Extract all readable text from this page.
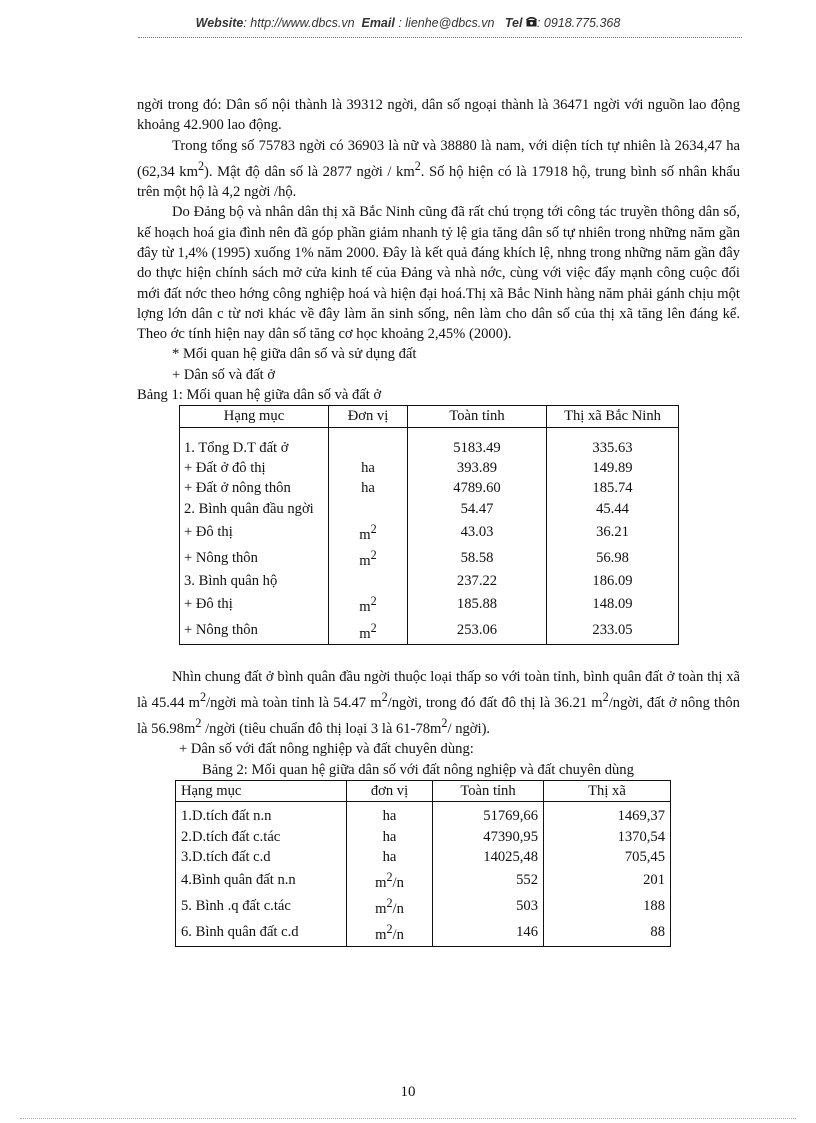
Website: http://www.dbcs.vn Email : lienhe@dbcs.vn Tel : 0918.775.368

ngời trong đó: Dân số nội thành là 39312 ngời, dân số ngoại thành là 36471 ngời với nguồn lao động khoảng 42.900 lao động.

Trong tổng số 75783 ngời có 36903 là nữ và 38880 là nam, với diện tích tự nhiên là 2634,47 ha (62,34 $km^2$). Mật độ dân số là 2877 ngời / $km^2$. Số hộ hiện có là 17918 hộ, trung bình số nhân khẩu trên một hộ là 4,2 ngời /hộ.

Do Đảng bộ và nhân dân thị xã Bắc Ninh cũng đã rất chú trọng tới công tác truyền thông dân số, kế hoạch hoá gia đình nên đã góp phần giảm nhanh tỷ lệ gia tăng dân số tự nhiên trong những năm gần đây từ 1,4% (1995) xuống 1% năm 2000. Đây là kết quả đáng khích lệ, nhng trong những năm gần đây do thực hiện chính sách mở cửa kinh tế của Đảng và nhà nớc, cùng với việc đẩy mạnh công cuộc đổi mới đất nớc theo hớng công nghiệp hoá và hiện đại hoá.Thị xã Bắc Ninh hàng năm phải gánh chịu một lợng lớn dân c từ nơi khác về đây làm ăn sinh sống, nên làm cho dân số của thị xã tăng lên đáng kể. Theo ớc tính hiện nay dân số tăng cơ học khoảng 2,45% (2000).

* Mối quan hệ giữa dân số và sử dụng đất

+ Dân số và đất ở

Bảng 1: Mối quan hệ giữa dân số và đất ở

Hạng mục	Đơn vị	Toàn tỉnh	Thị xã Bắc Ninh

1. Tổng D.T đất ở		5183.49	335.63
+ Đất ở đô thị	ha	393.89	149.89
+ Đất ở nông thôn	ha	4789.60	185.74
2. Bình quân đầu ngời		54.47	45.44
+ Đô thị	$m^2$	43.03	36.21
+ Nông thôn	$m^2$	58.58	56.98
3. Bình quân hộ		237.22	186.09
+ Đô thị	$m^2$	185.88	148.09
+ Nông thôn	$m^2$	253.06	233.05

Nhìn chung đất ở bình quân đầu ngời thuộc loại thấp so với toàn tỉnh, bình quân đất ở toàn thị xã là 45.44 $m^2$/ngời mà toàn tỉnh là 54.47 $m^2$/ngời, trong đó đất đô thị là 36.21 $m^2$/ngời, đất ở nông thôn là $56.98m^2$ /ngời (tiêu chuẩn đô thị loại 3 là $61-78m^2/$ ngời).

+ Dân số với đất nông nghiệp và đất chuyên dùng:

Bảng 2: Mối quan hệ giữa dân số với đất nông nghiệp và đất chuyên dùng

Hạng mục	đơn vị	Toàn tỉnh	Thị xã

1.D.tích đất n.n	ha	51769,66	1469,37
2.D.tích đất c.tác	ha	47390,95	1370,54
3.D.tích đất c.d	ha	14025,48	705,45
4.Bình quân đất n.n	$m^2/n$	552	201
5. Bình .q đất c.tác	$m^2/n$	503	188
6. Bình quân đất c.d	$m^2/n$	146	88
10
